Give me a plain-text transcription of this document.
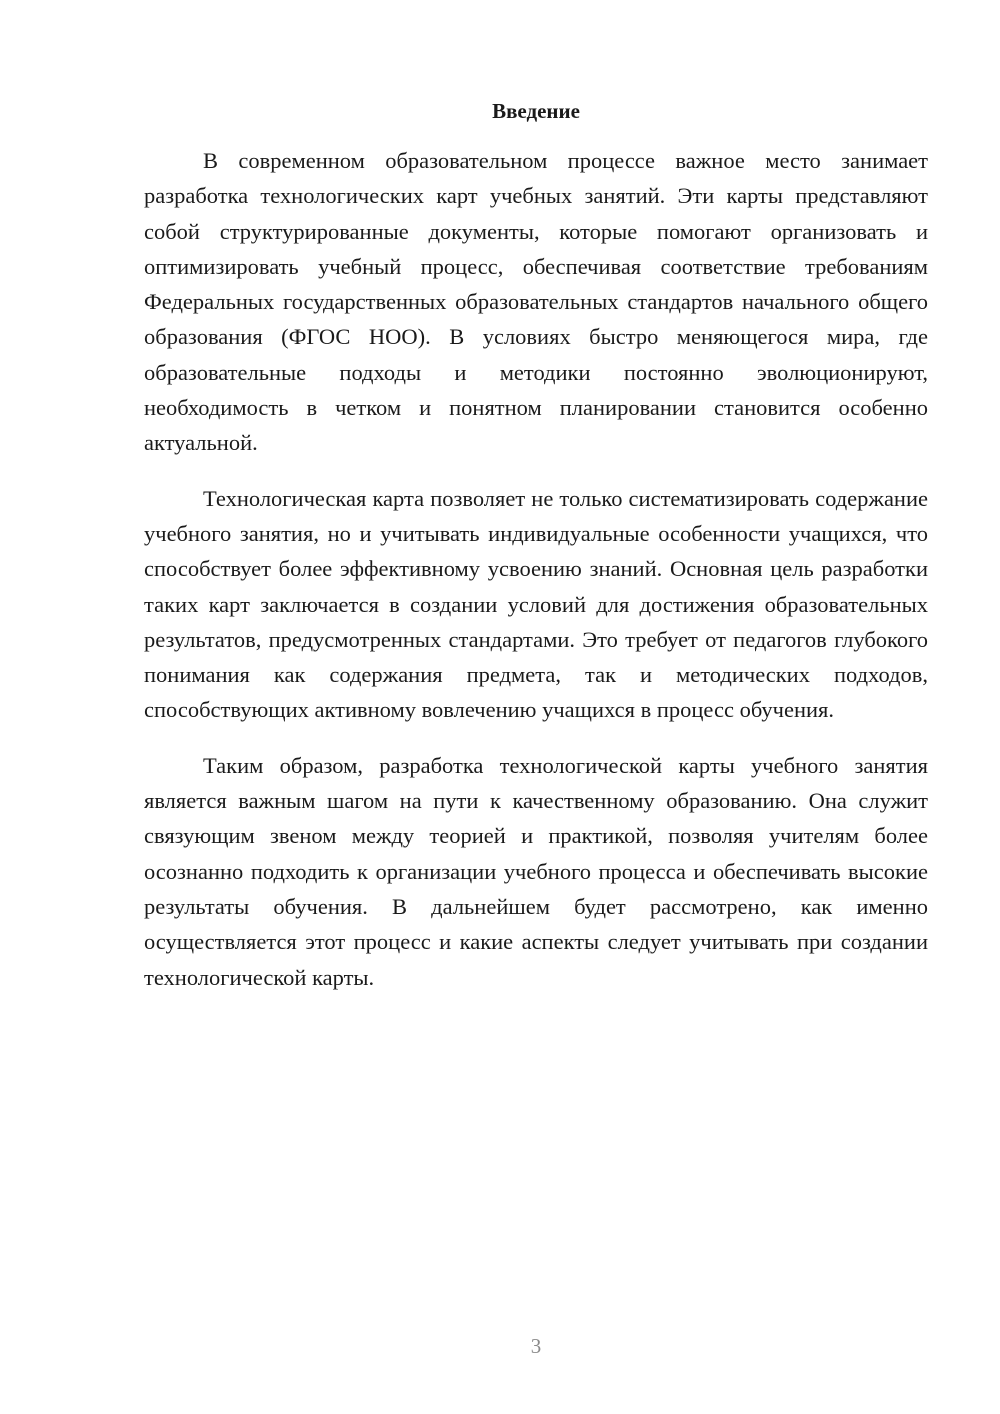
Введение

В современном образовательном процессе важное место занимает разработка технологических карт учебных занятий. Эти карты представляют собой структурированные документы, которые помогают организовать и оптимизировать учебный процесс, обеспечивая соответствие требованиям Федеральных государственных образовательных стандартов начального общего образования (ФГОС НОО). В условиях быстро меняющегося мира, где образовательные подходы и методики постоянно эволюционируют, необходимость в четком и понятном планировании становится особенно актуальной.

Технологическая карта позволяет не только систематизировать содержание учебного занятия, но и учитывать индивидуальные особенности учащихся, что способствует более эффективному усвоению знаний. Основная цель разработки таких карт заключается в создании условий для достижения образовательных результатов, предусмотренных стандартами. Это требует от педагогов глубокого понимания как содержания предмета, так и методических подходов, способствующих активному вовлечению учащихся в процесс обучения.

Таким образом, разработка технологической карты учебного занятия является важным шагом на пути к качественному образованию. Она служит связующим звеном между теорией и практикой, позволяя учителям более осознанно подходить к организации учебного процесса и обеспечивать высокие результаты обучения. В дальнейшем будет рассмотрено, как именно осуществляется этот процесс и какие аспекты следует учитывать при создании технологической карты.

3
